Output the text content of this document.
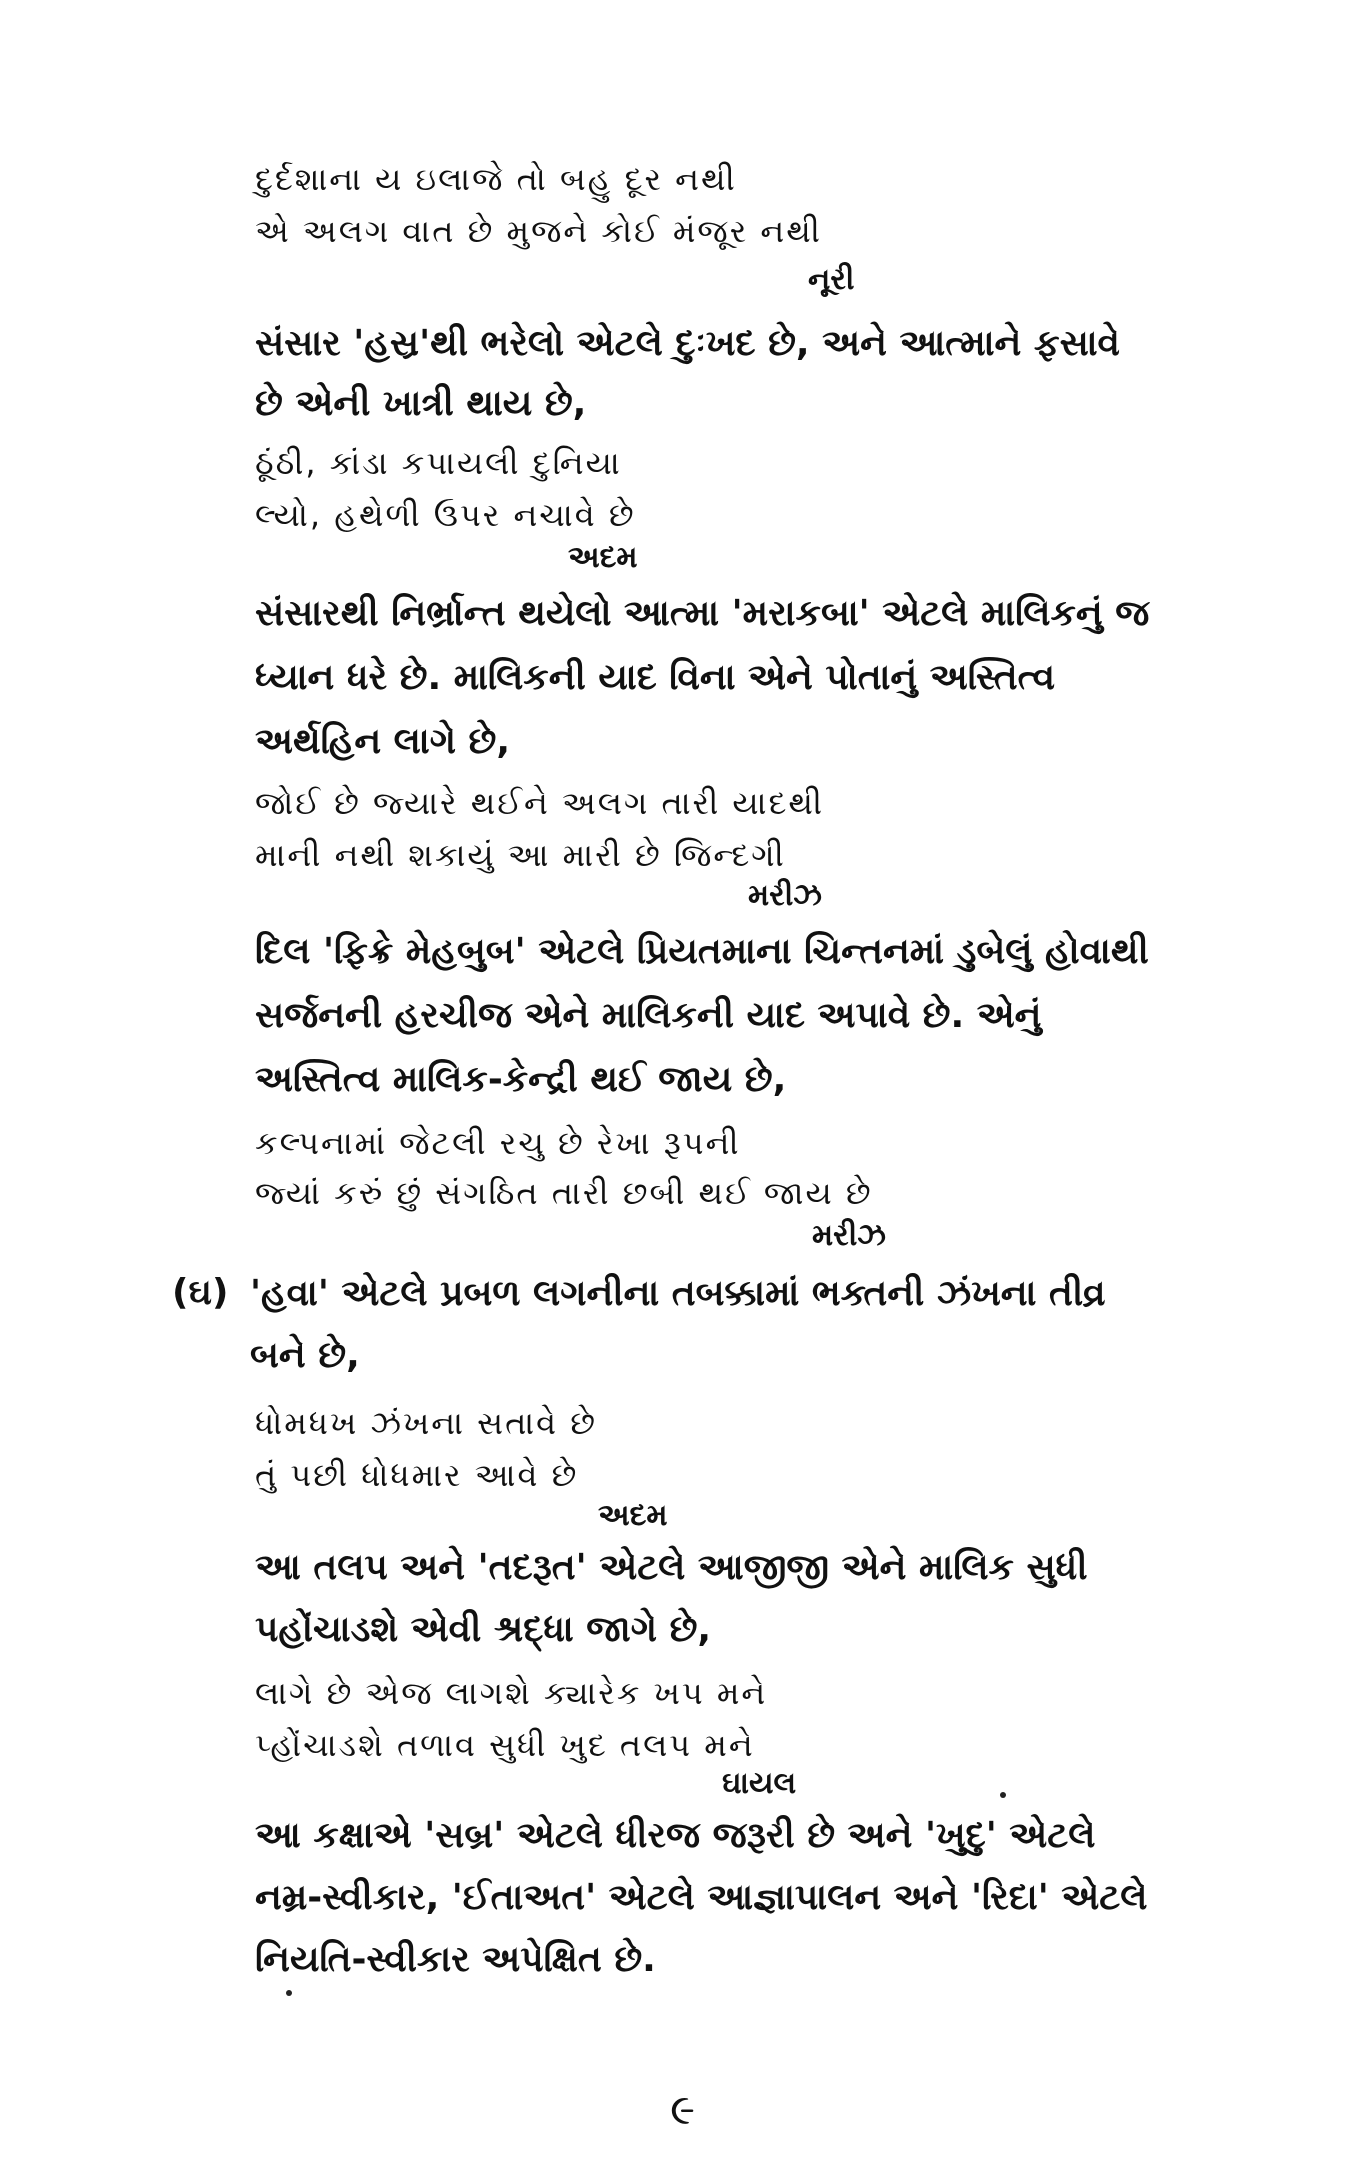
દુર્દશાના ય ઇલાજે તો બહુ દૂર નથી
એ અલગ વાત છે મુજને કોઈ મંજૂર નથી
નૂરી
સંસાર 'હસ્ર'થી ભરેલો એટલે દુઃખદ છે, અને આત્માને ફસાવે
છે એની ખાત્રી થાય છે,
ઠૂંઠી, કાંડા કપાયલી દુનિયા
લ્યો, હથેળી ઉપર નચાવે છે
અદમ
સંસારથી નિર્ભ્રાન્ત થયેલો આત્મા 'મરાકબા' એટલે માલિકનું જ
ધ્યાન ધરે છે. માલિકની યાદ વિના એને પોતાનું અસ્તિત્વ
અર્થહિન લાગે છે,
જોઈ છે જ્યારે થઈને અલગ તારી યાદથી
માની નથી શકાયું આ મારી છે જિન્દગી
મરીઝ
દિલ 'ફિક્રે મેહબુબ' એટલે પ્રિયતમાના ચિન્તનમાં ડુબેલું હોવાથી
સર્જનની હરચીજ એને માલિકની યાદ અપાવે છે. એનું
અસ્તિત્વ માલિક-કેન્દ્રી થઈ જાય છે,
કલ્પનામાં જેટલી રચુ છે રેખા રૂપની
જ્યાં કરું છું સંગઠિત તારી છબી થઈ જાય છે
મરીઝ
(ઘ) 'હવા' એટલે પ્રબળ લગનીના તબક્કામાં ભક્તની ઝંખના તીવ્ર
બને છે,
ધોમધખ ઝંખના સતાવે છે
તું પછી ધોધમાર આવે છે
અદમ
આ તલપ અને 'તદરૂત' એટલે આજીજી એને માલિક સુધી
પહોંચાડશે એવી શ્રદ્ધા જાગે છે,
લાગે છે એજ લાગશે ક્યારેક ખપ મને
પ્હોંચાડશે તળાવ સુધી ખુદ તલપ મને
ઘાયલ
આ કક્ષાએ 'સબ્ર' એટલે ધીરજ જરૂરી છે અને 'ખુદુ' એટલે
નમ્ર-સ્વીકાર, 'ઈતાઅત' એટલે આજ્ઞાપાલન અને 'રિદા' એટલે
નિયતિ-સ્વીકાર અપેક્ષિત છે.
૯
